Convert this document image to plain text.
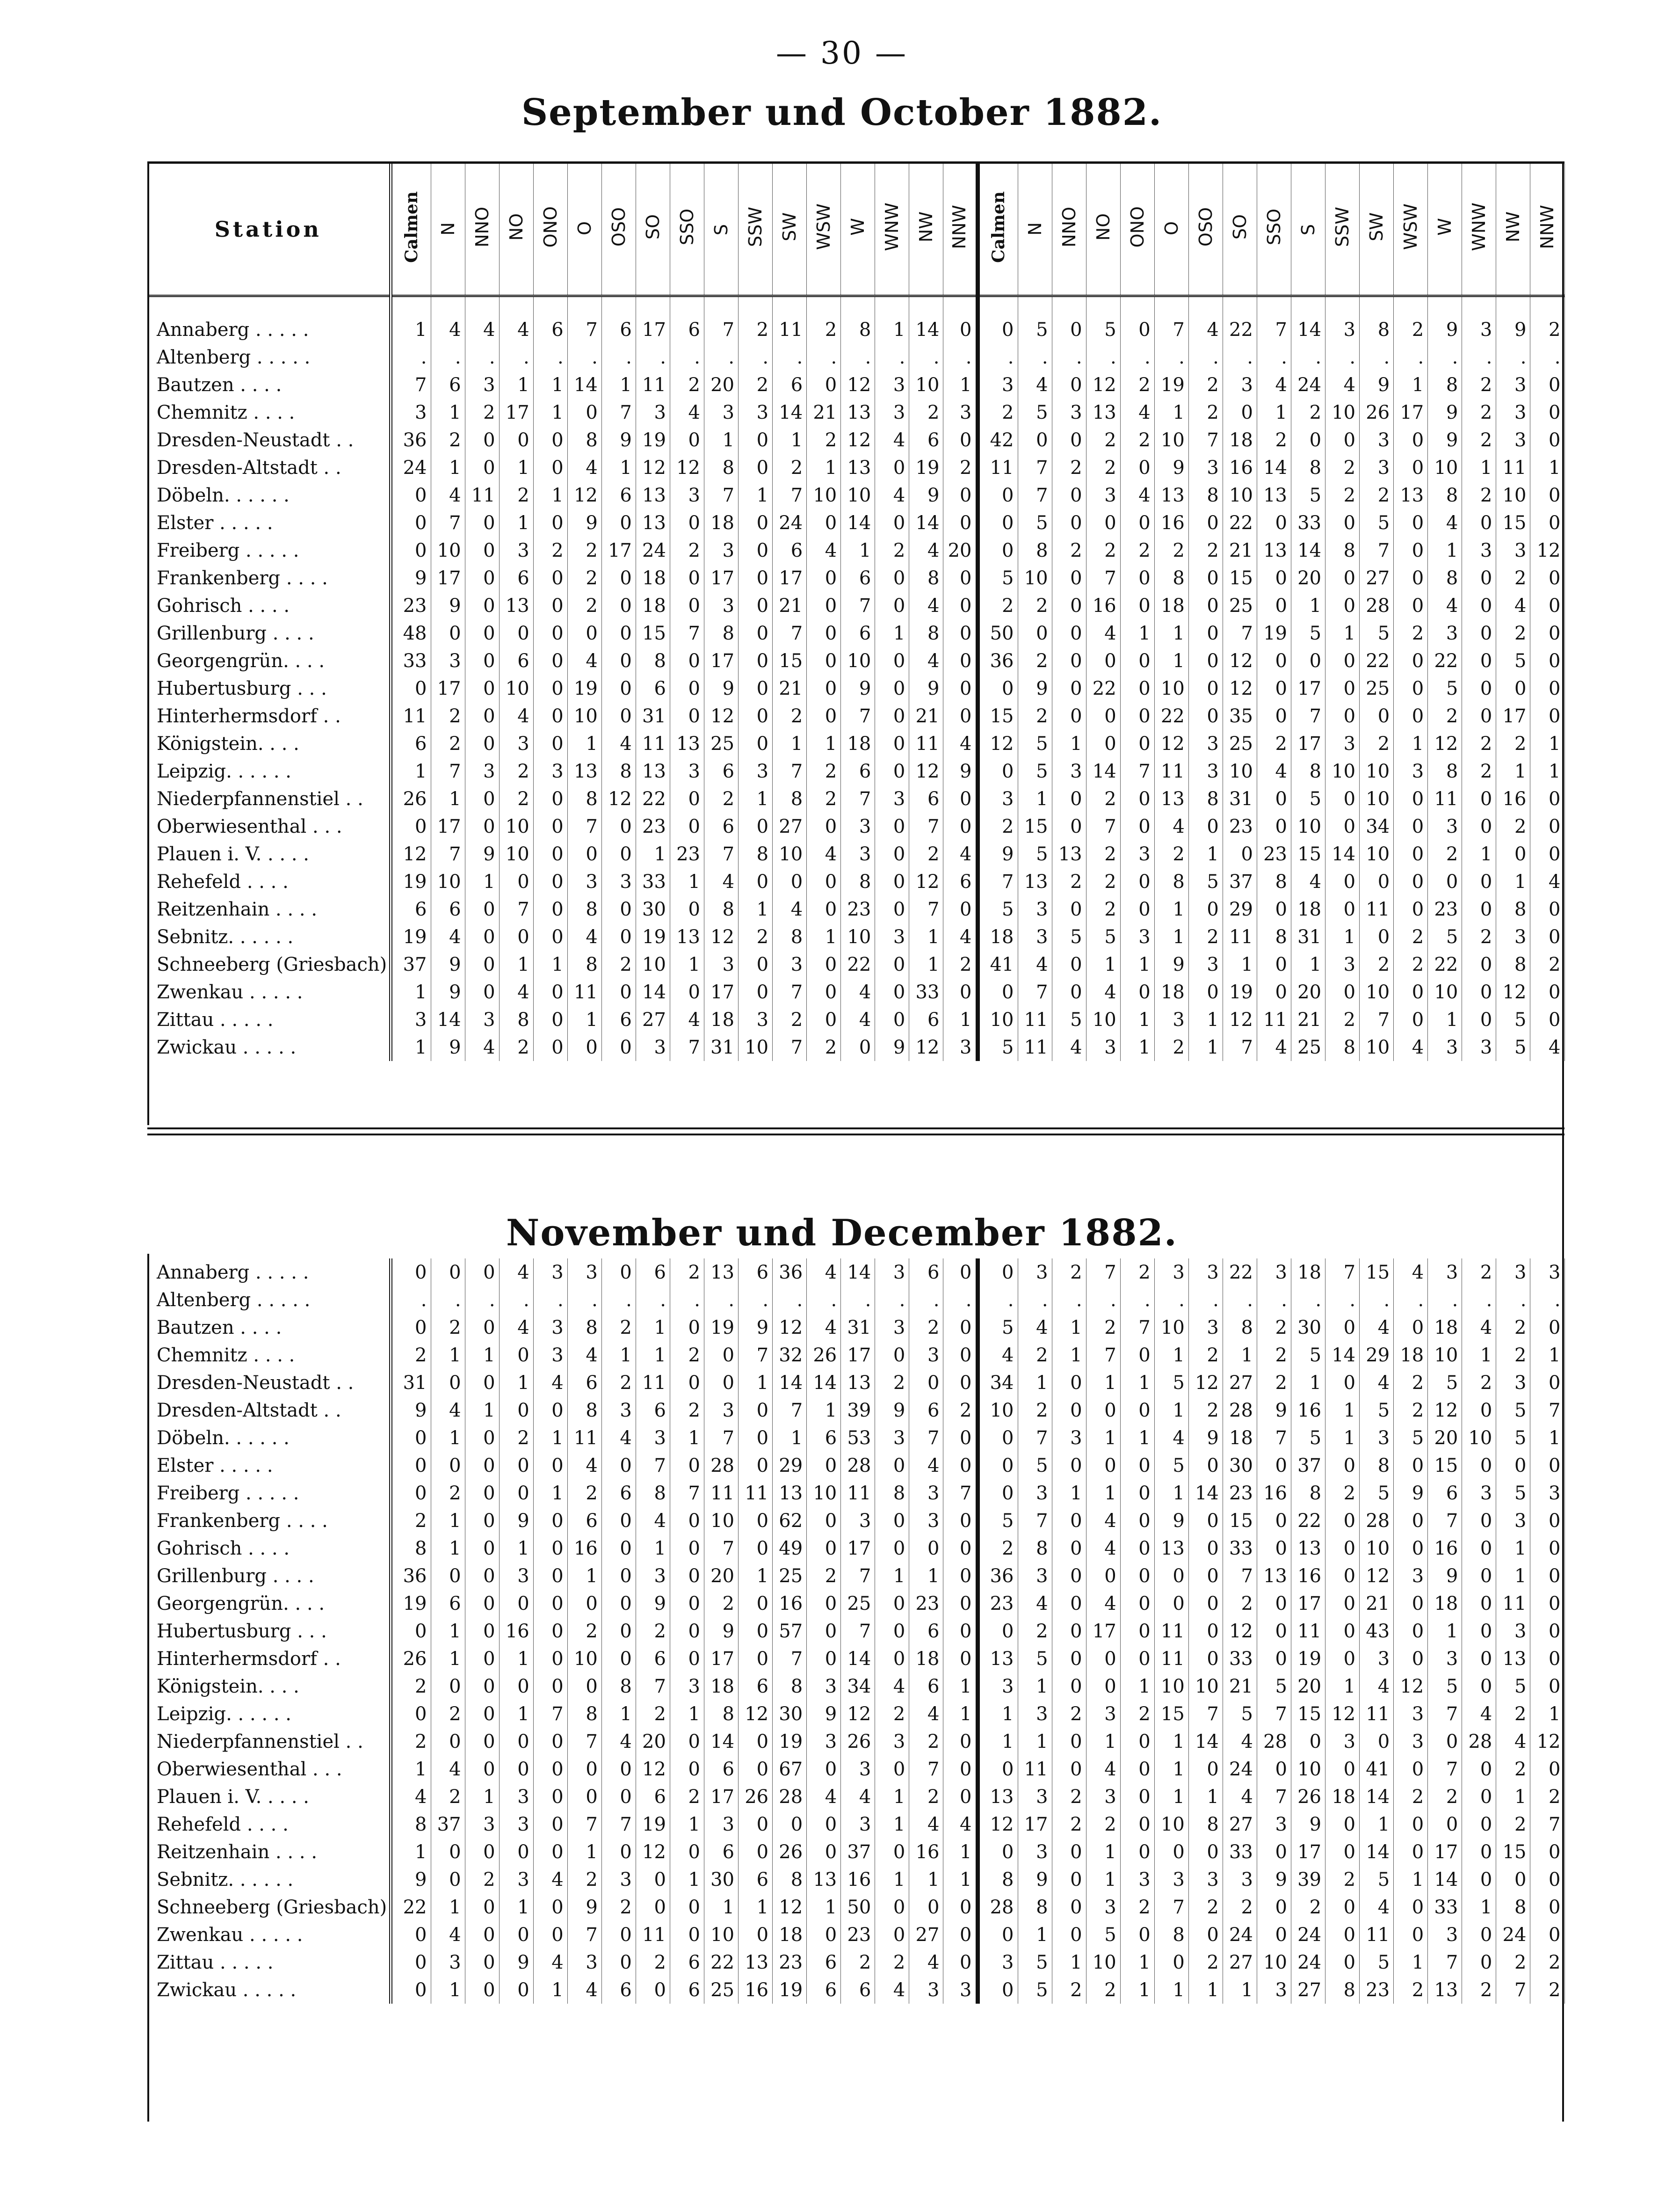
— 30 —
September und October 1882.
Station	Calmen	N	NNO	NO	ONO	O	OSO	SO	SSO	S	SSW	SW	WSW	W	WNW	NW	NNW	Calmen	N	NNO	NO	ONO	O	OSO	SO	SSO	S	SSW	SW	WSW	W	WNW	NW	NNW
Annaberg . . . . .	1	4	4	4	6	7	6	17	6	7	2	11	2	8	1	14	0	0	5	0	5	0	7	4	22	7	14	3	8	2	9	3	9	2
Altenberg . . . . .	.	.	.	.	.	.	.	.	.	.	.	.	.	.	.	.	.	.	.	.	.	.	.	.	.	.	.	.	.	.	.	.	.	.
Bautzen . . . .	7	6	3	1	1	14	1	11	2	20	2	6	0	12	3	10	1	3	4	0	12	2	19	2	3	4	24	4	9	1	8	2	3	0
Chemnitz . . . .	3	1	2	17	1	0	7	3	4	3	3	14	21	13	3	2	3	2	5	3	13	4	1	2	0	1	2	10	26	17	9	2	3	0
Dresden-Neustadt . .	36	2	0	0	0	8	9	19	0	1	0	1	2	12	4	6	0	42	0	0	2	2	10	7	18	2	0	0	3	0	9	2	3	0
Dresden-Altstadt . .	24	1	0	1	0	4	1	12	12	8	0	2	1	13	0	19	2	11	7	2	2	0	9	3	16	14	8	2	3	0	10	1	11	1
Döbeln. . . . . .	0	4	11	2	1	12	6	13	3	7	1	7	10	10	4	9	0	0	7	0	3	4	13	8	10	13	5	2	2	13	8	2	10	0
Elster . . . . .	0	7	0	1	0	9	0	13	0	18	0	24	0	14	0	14	0	0	5	0	0	0	16	0	22	0	33	0	5	0	4	0	15	0
Freiberg . . . . .	0	10	0	3	2	2	17	24	2	3	0	6	4	1	2	4	20	0	8	2	2	2	2	2	21	13	14	8	7	0	1	3	3	12
Frankenberg . . . .	9	17	0	6	0	2	0	18	0	17	0	17	0	6	0	8	0	5	10	0	7	0	8	0	15	0	20	0	27	0	8	0	2	0
Gohrisch . . . .	23	9	0	13	0	2	0	18	0	3	0	21	0	7	0	4	0	2	2	0	16	0	18	0	25	0	1	0	28	0	4	0	4	0
Grillenburg . . . .	48	0	0	0	0	0	0	15	7	8	0	7	0	6	1	8	0	50	0	0	4	1	1	0	7	19	5	1	5	2	3	0	2	0
Georgengrün. . . .	33	3	0	6	0	4	0	8	0	17	0	15	0	10	0	4	0	36	2	0	0	0	1	0	12	0	0	0	22	0	22	0	5	0
Hubertusburg . . .	0	17	0	10	0	19	0	6	0	9	0	21	0	9	0	9	0	0	9	0	22	0	10	0	12	0	17	0	25	0	5	0	0	0
Hinterhermsdorf . .	11	2	0	4	0	10	0	31	0	12	0	2	0	7	0	21	0	15	2	0	0	0	22	0	35	0	7	0	0	0	2	0	17	0
Königstein. . . .	6	2	0	3	0	1	4	11	13	25	0	1	1	18	0	11	4	12	5	1	0	0	12	3	25	2	17	3	2	1	12	2	2	1
Leipzig. . . . . .	1	7	3	2	3	13	8	13	3	6	3	7	2	6	0	12	9	0	5	3	14	7	11	3	10	4	8	10	10	3	8	2	1	1
Niederpfannenstiel . .	26	1	0	2	0	8	12	22	0	2	1	8	2	7	3	6	0	3	1	0	2	0	13	8	31	0	5	0	10	0	11	0	16	0
Oberwiesenthal . . .	0	17	0	10	0	7	0	23	0	6	0	27	0	3	0	7	0	2	15	0	7	0	4	0	23	0	10	0	34	0	3	0	2	0
Plauen i. V. . . . .	12	7	9	10	0	0	0	1	23	7	8	10	4	3	0	2	4	9	5	13	2	3	2	1	0	23	15	14	10	0	2	1	0	0
Rehefeld . . . .	19	10	1	0	0	3	3	33	1	4	0	0	0	8	0	12	6	7	13	2	2	0	8	5	37	8	4	0	0	0	0	0	1	4
Reitzenhain . . . .	6	6	0	7	0	8	0	30	0	8	1	4	0	23	0	7	0	5	3	0	2	0	1	0	29	0	18	0	11	0	23	0	8	0
Sebnitz. . . . . .	19	4	0	0	0	4	0	19	13	12	2	8	1	10	3	1	4	18	3	5	5	3	1	2	11	8	31	1	0	2	5	2	3	0
Schneeberg (Griesbach)	37	9	0	1	1	8	2	10	1	3	0	3	0	22	0	1	2	41	4	0	1	1	9	3	1	0	1	3	2	2	22	0	8	2
Zwenkau . . . . .	1	9	0	4	0	11	0	14	0	17	0	7	0	4	0	33	0	0	7	0	4	0	18	0	19	0	20	0	10	0	10	0	12	0
Zittau . . . . .	3	14	3	8	0	1	6	27	4	18	3	2	0	4	0	6	1	10	11	5	10	1	3	1	12	11	21	2	7	0	1	0	5	0
Zwickau . . . . .	1	9	4	2	0	0	0	3	7	31	10	7	2	0	9	12	3	5	11	4	3	1	2	1	7	4	25	8	10	4	3	3	5	4
November und December 1882.
Annaberg . . . . .	0	0	0	4	3	3	0	6	2	13	6	36	4	14	3	6	0	0	3	2	7	2	3	3	22	3	18	7	15	4	3	2	3	3
Altenberg . . . . .	.	.	.	.	.	.	.	.	.	.	.	.	.	.	.	.	.	.	.	.	.	.	.	.	.	.	.	.	.	.	.	.	.	.
Bautzen . . . .	0	2	0	4	3	8	2	1	0	19	9	12	4	31	3	2	0	5	4	1	2	7	10	3	8	2	30	0	4	0	18	4	2	0
Chemnitz . . . .	2	1	1	0	3	4	1	1	2	0	7	32	26	17	0	3	0	4	2	1	7	0	1	2	1	2	5	14	29	18	10	1	2	1
Dresden-Neustadt . .	31	0	0	1	4	6	2	11	0	0	1	14	14	13	2	0	0	34	1	0	1	1	5	12	27	2	1	0	4	2	5	2	3	0
Dresden-Altstadt . .	9	4	1	0	0	8	3	6	2	3	0	7	1	39	9	6	2	10	2	0	0	0	1	2	28	9	16	1	5	2	12	0	5	7
Döbeln. . . . . .	0	1	0	2	1	11	4	3	1	7	0	1	6	53	3	7	0	0	7	3	1	1	4	9	18	7	5	1	3	5	20	10	5	1
Elster . . . . .	0	0	0	0	0	4	0	7	0	28	0	29	0	28	0	4	0	0	5	0	0	0	5	0	30	0	37	0	8	0	15	0	0	0
Freiberg . . . . .	0	2	0	0	1	2	6	8	7	11	11	13	10	11	8	3	7	0	3	1	1	0	1	14	23	16	8	2	5	9	6	3	5	3
Frankenberg . . . .	2	1	0	9	0	6	0	4	0	10	0	62	0	3	0	3	0	5	7	0	4	0	9	0	15	0	22	0	28	0	7	0	3	0
Gohrisch . . . .	8	1	0	1	0	16	0	1	0	7	0	49	0	17	0	0	0	2	8	0	4	0	13	0	33	0	13	0	10	0	16	0	1	0
Grillenburg . . . .	36	0	0	3	0	1	0	3	0	20	1	25	2	7	1	1	0	36	3	0	0	0	0	0	7	13	16	0	12	3	9	0	1	0
Georgengrün. . . .	19	6	0	0	0	0	0	9	0	2	0	16	0	25	0	23	0	23	4	0	4	0	0	0	2	0	17	0	21	0	18	0	11	0
Hubertusburg . . .	0	1	0	16	0	2	0	2	0	9	0	57	0	7	0	6	0	0	2	0	17	0	11	0	12	0	11	0	43	0	1	0	3	0
Hinterhermsdorf . .	26	1	0	1	0	10	0	6	0	17	0	7	0	14	0	18	0	13	5	0	0	0	11	0	33	0	19	0	3	0	3	0	13	0
Königstein. . . .	2	0	0	0	0	0	8	7	3	18	6	8	3	34	4	6	1	3	1	0	0	1	10	10	21	5	20	1	4	12	5	0	5	0
Leipzig. . . . . .	0	2	0	1	7	8	1	2	1	8	12	30	9	12	2	4	1	1	3	2	3	2	15	7	5	7	15	12	11	3	7	4	2	1
Niederpfannenstiel . .	2	0	0	0	0	7	4	20	0	14	0	19	3	26	3	2	0	1	1	0	1	0	1	14	4	28	0	3	0	3	0	28	4	12
Oberwiesenthal . . .	1	4	0	0	0	0	0	12	0	6	0	67	0	3	0	7	0	0	11	0	4	0	1	0	24	0	10	0	41	0	7	0	2	0
Plauen i. V. . . . .	4	2	1	3	0	0	0	6	2	17	26	28	4	4	1	2	0	13	3	2	3	0	1	1	4	7	26	18	14	2	2	0	1	2
Rehefeld . . . .	8	37	3	3	0	7	7	19	1	3	0	0	0	3	1	4	4	12	17	2	2	0	10	8	27	3	9	0	1	0	0	0	2	7
Reitzenhain . . . .	1	0	0	0	0	1	0	12	0	6	0	26	0	37	0	16	1	0	3	0	1	0	0	0	33	0	17	0	14	0	17	0	15	0
Sebnitz. . . . . .	9	0	2	3	4	2	3	0	1	30	6	8	13	16	1	1	1	8	9	0	1	3	3	3	3	9	39	2	5	1	14	0	0	0
Schneeberg (Griesbach)	22	1	0	1	0	9	2	0	0	1	1	12	1	50	0	0	0	28	8	0	3	2	7	2	2	0	2	0	4	0	33	1	8	0
Zwenkau . . . . .	0	4	0	0	0	7	0	11	0	10	0	18	0	23	0	27	0	0	1	0	5	0	8	0	24	0	24	0	11	0	3	0	24	0
Zittau . . . . .	0	3	0	9	4	3	0	2	6	22	13	23	6	2	2	4	0	3	5	1	10	1	0	2	27	10	24	0	5	1	7	0	2	2
Zwickau . . . . .	0	1	0	0	1	4	6	0	6	25	16	19	6	6	4	3	3	0	5	2	2	1	1	1	1	3	27	8	23	2	13	2	7	2
